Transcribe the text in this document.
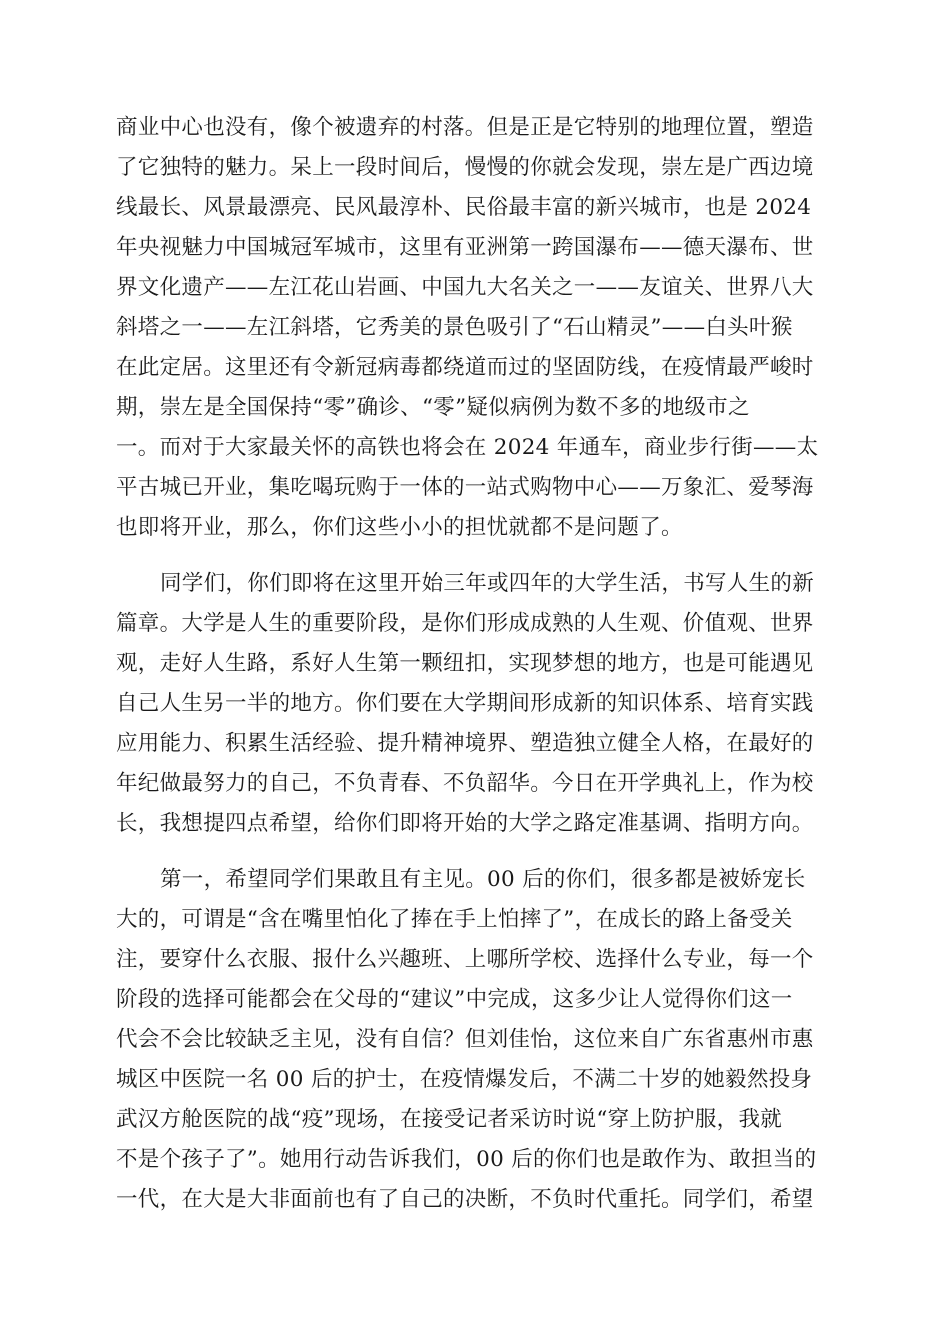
商业中心也没有，像个被遗弃的村落。但是正是它特别的地理位置，塑造
了它独特的魅力。呆上一段时间后，慢慢的你就会发现，崇左是广西边境
线最长、风景最漂亮、民风最淳朴、民俗最丰富的新兴城市，也是 2024
年央视魅力中国城冠军城市，这里有亚洲第一跨国瀑布——德天瀑布、世
界文化遗产——左江花山岩画、中国九大名关之一——友谊关、世界八大
斜塔之一——左江斜塔，它秀美的景色吸引了“石山精灵”——白头叶猴
在此定居。这里还有令新冠病毒都绕道而过的坚固防线，在疫情最严峻时
期，崇左是全国保持“零”确诊、“零”疑似病例为数不多的地级市之
一。而对于大家最关怀的高铁也将会在 2024 年通车，商业步行街——太
平古城已开业，集吃喝玩购于一体的一站式购物中心——万象汇、爱琴海
也即将开业，那么，你们这些小小的担忧就都不是问题了。
同学们，你们即将在这里开始三年或四年的大学生活，书写人生的新
篇章。大学是人生的重要阶段，是你们形成成熟的人生观、价值观、世界
观，走好人生路，系好人生第一颗纽扣，实现梦想的地方，也是可能遇见
自己人生另一半的地方。你们要在大学期间形成新的知识体系、培育实践
应用能力、积累生活经验、提升精神境界、塑造独立健全人格，在最好的
年纪做最努力的自己，不负青春、不负韶华。今日在开学典礼上，作为校
长，我想提四点希望，给你们即将开始的大学之路定准基调、指明方向。
第一，希望同学们果敢且有主见。00 后的你们，很多都是被娇宠长
大的，可谓是“含在嘴里怕化了捧在手上怕摔了”，在成长的路上备受关
注，要穿什么衣服、报什么兴趣班、上哪所学校、选择什么专业，每一个
阶段的选择可能都会在父母的“建议”中完成，这多少让人觉得你们这一
代会不会比较缺乏主见，没有自信？但刘佳怡，这位来自广东省惠州市惠
城区中医院一名 00 后的护士，在疫情爆发后，不满二十岁的她毅然投身
武汉方舱医院的战“疫”现场，在接受记者采访时说“穿上防护服，我就
不是个孩子了”。她用行动告诉我们，00 后的你们也是敢作为、敢担当的
一代，在大是大非面前也有了自己的决断，不负时代重托。同学们，希望
